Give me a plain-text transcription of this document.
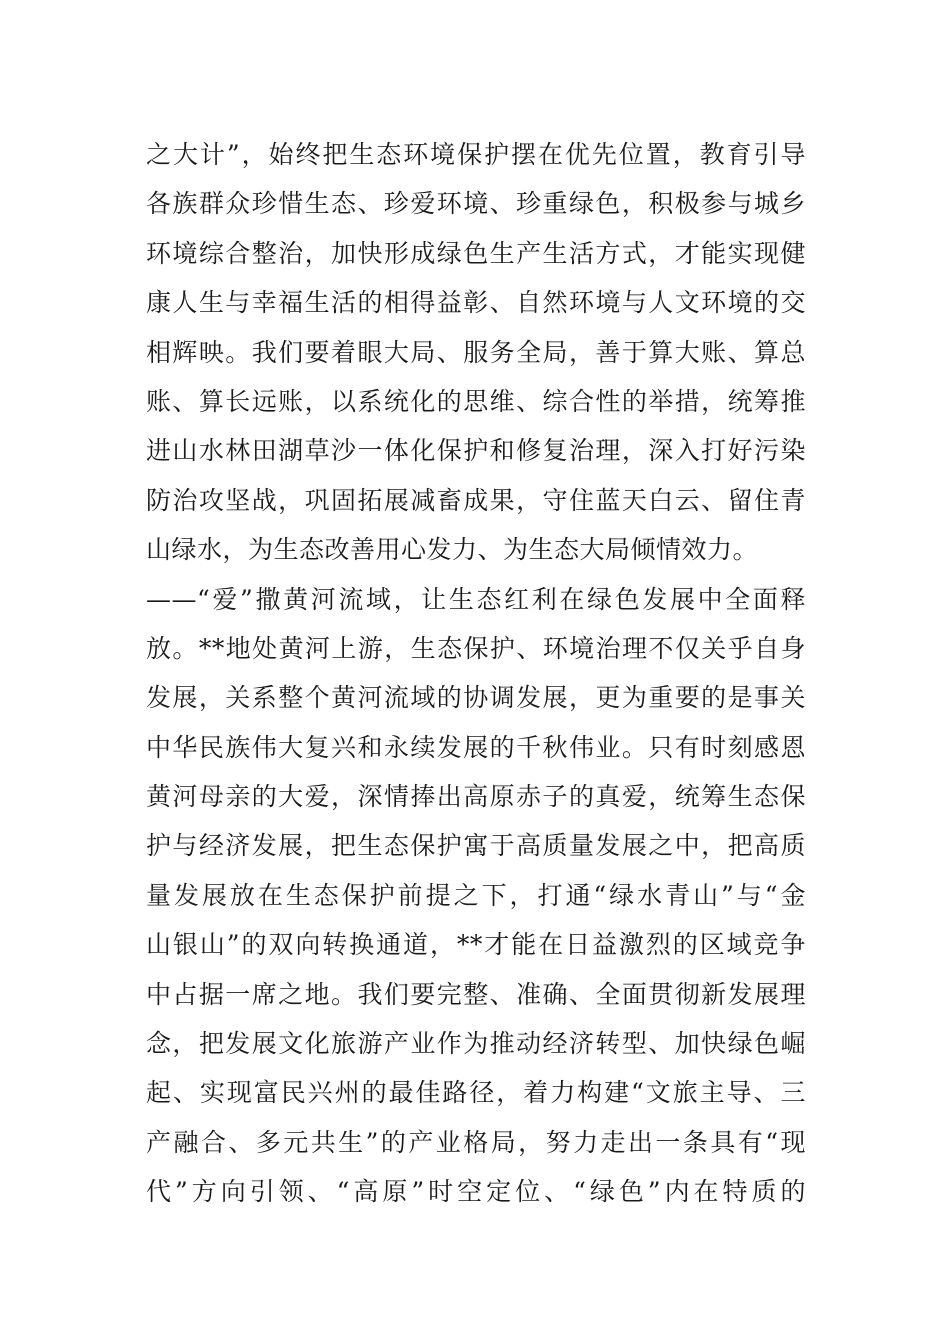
之大计”，始终把生态环境保护摆在优先位置，教育引导
各族群众珍惜生态、珍爱环境、珍重绿色，积极参与城乡
环境综合整治，加快形成绿色生产生活方式，才能实现健
康人生与幸福生活的相得益彰、自然环境与人文环境的交
相辉映。我们要着眼大局、服务全局，善于算大账、算总
账、算长远账，以系统化的思维、综合性的举措，统筹推
进山水林田湖草沙一体化保护和修复治理，深入打好污染
防治攻坚战，巩固拓展减畜成果，守住蓝天白云、留住青
山绿水，为生态改善用心发力、为生态大局倾情效力。
——“爱”撒黄河流域，让生态红利在绿色发展中全面释
放。**地处黄河上游，生态保护、环境治理不仅关乎自身
发展，关系整个黄河流域的协调发展，更为重要的是事关
中华民族伟大复兴和永续发展的千秋伟业。只有时刻感恩
黄河母亲的大爱，深情捧出高原赤子的真爱，统筹生态保
护与经济发展，把生态保护寓于高质量发展之中，把高质
量发展放在生态保护前提之下，打通“绿水青山”与“金
山银山”的双向转换通道，**才能在日益激烈的区域竞争
中占据一席之地。我们要完整、准确、全面贯彻新发展理
念，把发展文化旅游产业作为推动经济转型、加快绿色崛
起、实现富民兴州的最佳路径，着力构建“文旅主导、三
产融合、多元共生”的产业格局，努力走出一条具有“现
代”方向引领、“高原”时空定位、“绿色”内在特质的
